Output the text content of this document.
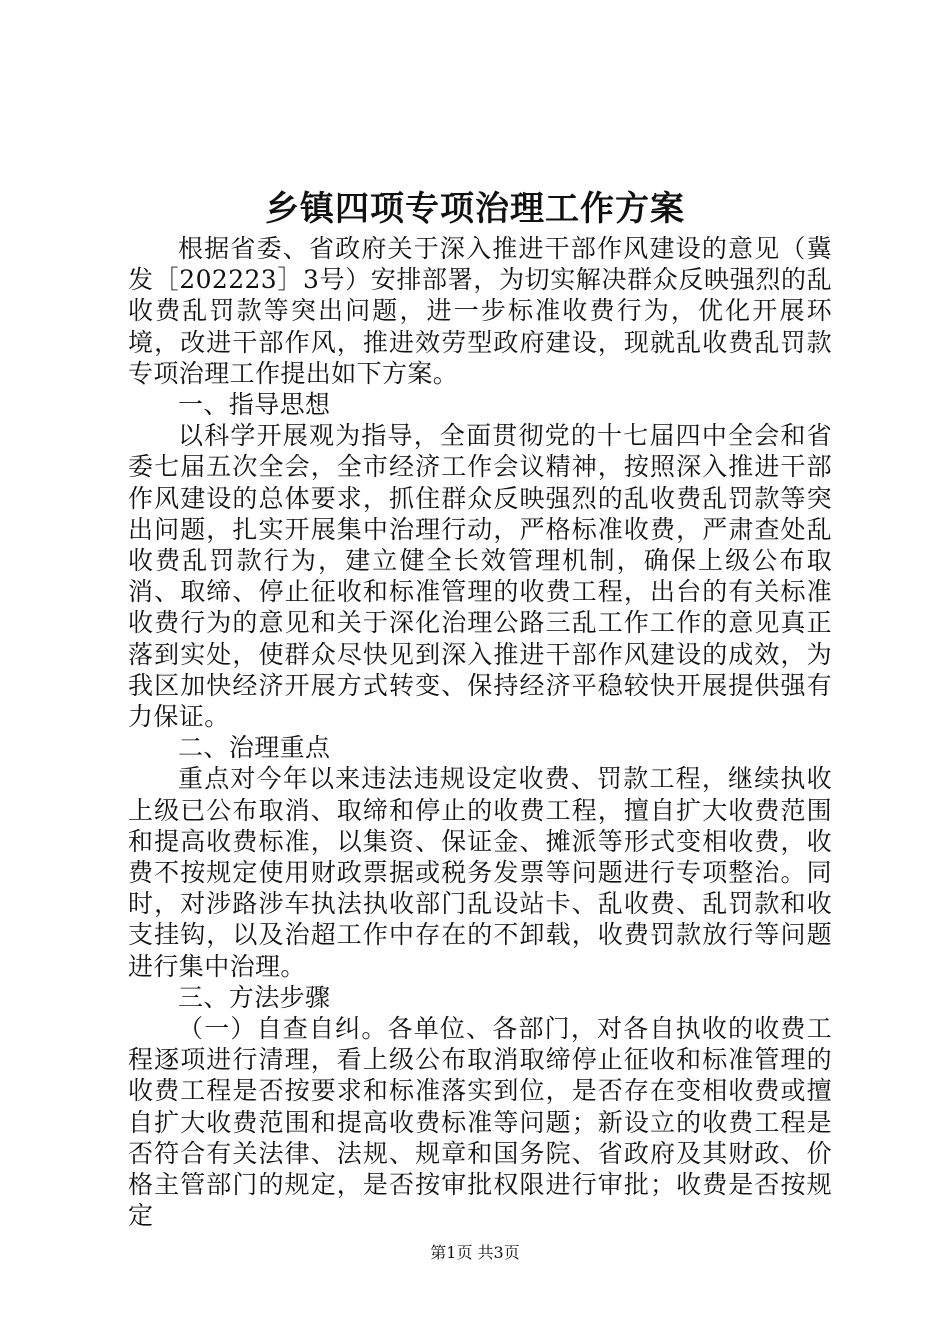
乡镇四项专项治理工作方案

根据省委、省政府关于深入推进干部作风建设的意见（冀发［202223］3号）安排部署，为切实解决群众反映强烈的乱收费乱罚款等突出问题，进一步标准收费行为，优化开展环境，改进干部作风，推进效劳型政府建设，现就乱收费乱罚款专项治理工作提出如下方案。

一、指导思想

以科学开展观为指导，全面贯彻党的十七届四中全会和省委七届五次全会，全市经济工作会议精神，按照深入推进干部作风建设的总体要求，抓住群众反映强烈的乱收费乱罚款等突出问题，扎实开展集中治理行动，严格标准收费，严肃查处乱收费乱罚款行为，建立健全长效管理机制，确保上级公布取消、取缔、停止征收和标准管理的收费工程，出台的有关标准收费行为的意见和关于深化治理公路三乱工作工作的意见真正落到实处，使群众尽快见到深入推进干部作风建设的成效，为我区加快经济开展方式转变、保持经济平稳较快开展提供强有力保证。

二、治理重点

重点对今年以来违法违规设定收费、罚款工程，继续执收上级已公布取消、取缔和停止的收费工程，擅自扩大收费范围和提高收费标准，以集资、保证金、摊派等形式变相收费，收费不按规定使用财政票据或税务发票等问题进行专项整治。同时，对涉路涉车执法执收部门乱设站卡、乱收费、乱罚款和收支挂钩，以及治超工作中存在的不卸载，收费罚款放行等问题进行集中治理。

三、方法步骤

（一）自查自纠。各单位、各部门，对各自执收的收费工程逐项进行清理，看上级公布取消取缔停止征收和标准管理的收费工程是否按要求和标准落实到位，是否存在变相收费或擅自扩大收费范围和提高收费标准等问题；新设立的收费工程是否符合有关法律、法规、规章和国务院、省政府及其财政、价格主管部门的规定，是否按审批权限进行审批；收费是否按规定

第1页 共3页
